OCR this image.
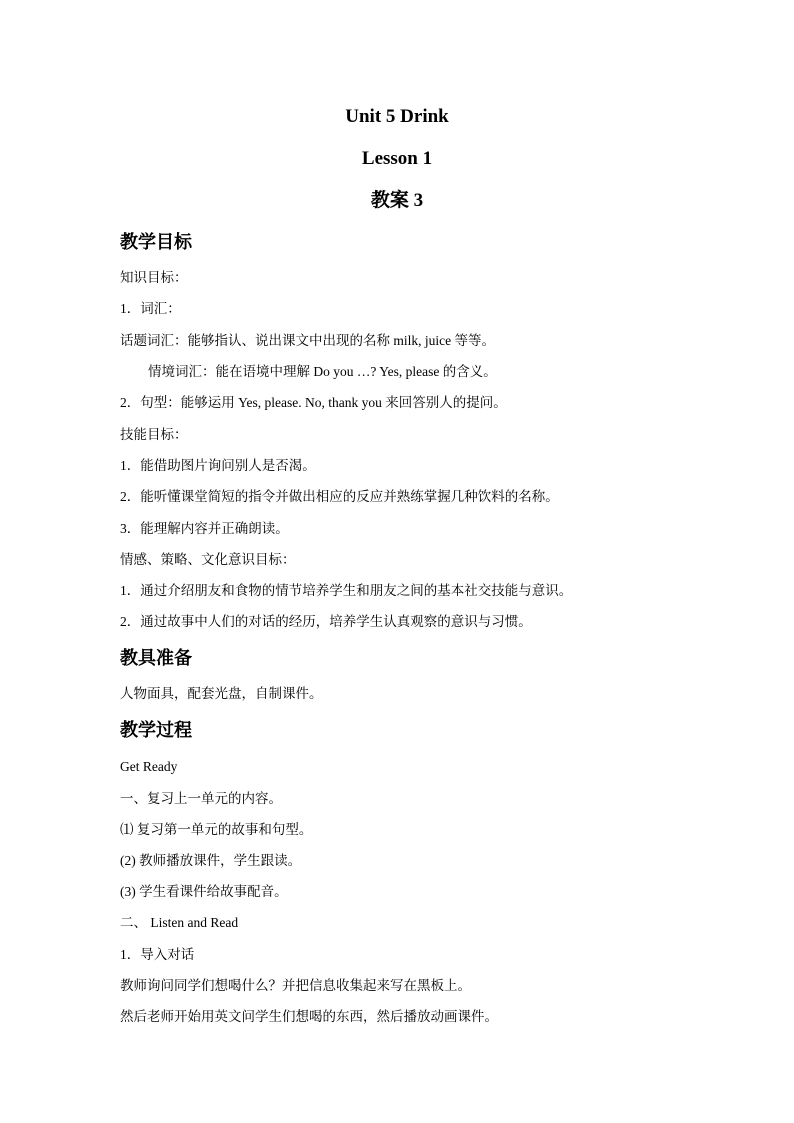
Unit 5 Drink
Lesson 1
教案 3
教学目标

知识目标：

1．词汇：

话题词汇：能够指认、说出课文中出现的名称 milk, juice 等等。

情境词汇：能在语境中理解 Do you …? Yes, please 的含义。

2．句型：能够运用 Yes, please. No, thank you 来回答别人的提问。

技能目标：

1．能借助图片询问别人是否渴。

2．能听懂课堂简短的指令并做出相应的反应并熟练掌握几种饮料的名称。

3．能理解内容并正确朗读。

情感、策略、文化意识目标：

1．通过介绍朋友和食物的情节培养学生和朋友之间的基本社交技能与意识。

2．通过故事中人们的对话的经历，培养学生认真观察的意识与习惯。

教具准备

人物面具，配套光盘，自制课件。

教学过程

Get Ready

一、复习上一单元的内容。

⑴ 复习第一单元的故事和句型。

(2) 教师播放课件，学生跟读。

(3) 学生看课件给故事配音。

二、 Listen and Read

1．导入对话

教师询问同学们想喝什么？并把信息收集起来写在黑板上。

然后老师开始用英文问学生们想喝的东西，然后播放动画课件。
